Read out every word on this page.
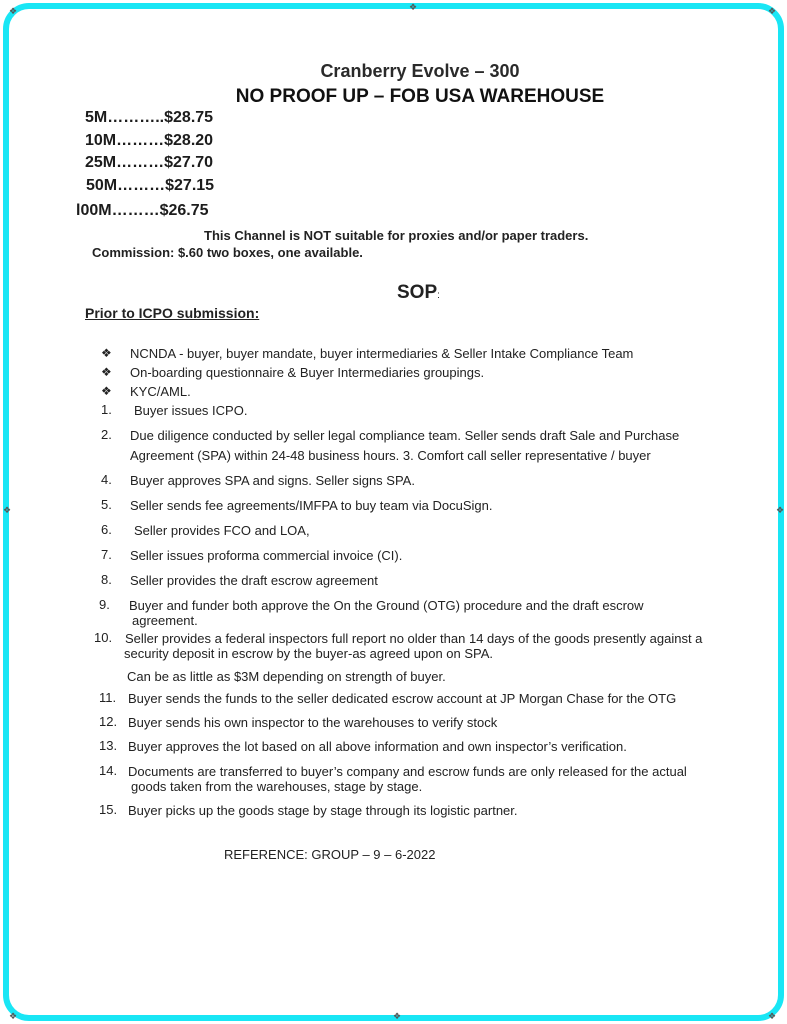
❖	❖
❖
❖	❖
❖	❖	❖
Cranberry Evolve – 300
NO PROOF UP – FOB USA WAREHOUSE
5M………..$28.75
10M………$28.20
25M………$27.70
50M………$27.15
l00M………$26.75
This Channel is NOT suitable for proxies and/or paper traders.
Commission: $.60 two boxes, one available.
SOP:
Prior to ICPO submission:
❖ NCNDA - buyer, buyer mandate, buyer intermediaries & Seller Intake Compliance Team
❖ On-boarding questionnaire & Buyer Intermediaries groupings.
❖ KYC/AML.
1. Buyer issues ICPO.
2. Due diligence conducted by seller legal compliance team. Seller sends draft Sale and Purchase
Agreement (SPA) within 24-48 business hours. 3. Comfort call seller representative / buyer
4. Buyer approves SPA and signs. Seller signs SPA.
5. Seller sends fee agreements/IMFPA to buy team via DocuSign.
6. Seller provides FCO and LOA,
7. Seller issues proforma commercial invoice (CI).
8. Seller provides the draft escrow agreement
9. Buyer and funder both approve the On the Ground (OTG) procedure and the draft escrow
agreement.
10. Seller provides a federal inspectors full report no older than 14 days of the goods presently against a
security deposit in escrow by the buyer-as agreed upon on SPA.
Can be as little as $3M depending on strength of buyer.
11. Buyer sends the funds to the seller dedicated escrow account at JP Morgan Chase for the OTG
12. Buyer sends his own inspector to the warehouses to verify stock
13. Buyer approves the lot based on all above information and own inspector’s verification.
14. Documents are transferred to buyer’s company and escrow funds are only released for the actual
goods taken from the warehouses, stage by stage.
15. Buyer picks up the goods stage by stage through its logistic partner.
REFERENCE: GROUP – 9 – 6-2022
